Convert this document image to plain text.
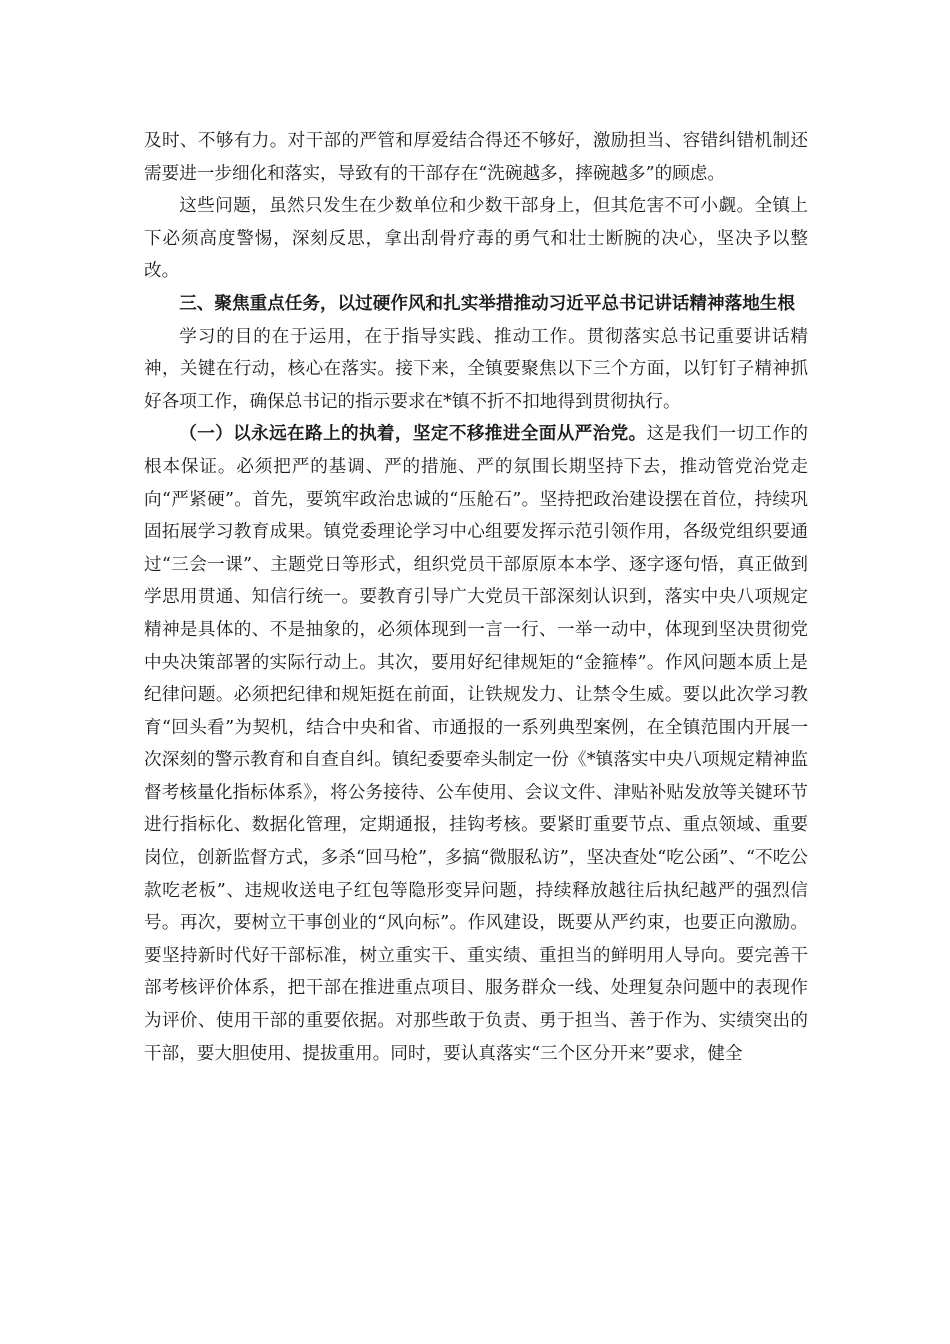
及时、不够有力。对干部的严管和厚爱结合得还不够好，激励担当、容错纠错机制还需要进一步细化和落实，导致有的干部存在“洗碗越多，摔碗越多”的顾虑。

这些问题，虽然只发生在少数单位和少数干部身上，但其危害不可小觑。全镇上下必须高度警惕，深刻反思，拿出刮骨疗毒的勇气和壮士断腕的决心，坚决予以整改。

三、聚焦重点任务，以过硬作风和扎实举措推动习近平总书记讲话精神落地生根

学习的目的在于运用，在于指导实践、推动工作。贯彻落实总书记重要讲话精神，关键在行动，核心在落实。接下来，全镇要聚焦以下三个方面，以钉钉子精神抓好各项工作，确保总书记的指示要求在*镇不折不扣地得到贯彻执行。

（一）以永远在路上的执着，坚定不移推进全面从严治党。这是我们一切工作的根本保证。必须把严的基调、严的措施、严的氛围长期坚持下去，推动管党治党走向“严紧硬”。首先，要筑牢政治忠诚的“压舱石”。坚持把政治建设摆在首位，持续巩固拓展学习教育成果。镇党委理论学习中心组要发挥示范引领作用，各级党组织要通过“三会一课”、主题党日等形式，组织党员干部原原本本学、逐字逐句悟，真正做到学思用贯通、知信行统一。要教育引导广大党员干部深刻认识到，落实中央八项规定精神是具体的、不是抽象的，必须体现到一言一行、一举一动中，体现到坚决贯彻党中央决策部署的实际行动上。其次，要用好纪律规矩的“金箍棒”。作风问题本质上是纪律问题。必须把纪律和规矩挺在前面，让铁规发力、让禁令生威。要以此次学习教育“回头看”为契机，结合中央和省、市通报的一系列典型案例，在全镇范围内开展一次深刻的警示教育和自查自纠。镇纪委要牵头制定一份《*镇落实中央八项规定精神监督考核量化指标体系》，将公务接待、公车使用、会议文件、津贴补贴发放等关键环节进行指标化、数据化管理，定期通报，挂钩考核。要紧盯重要节点、重点领域、重要岗位，创新监督方式，多杀“回马枪”，多搞“微服私访”，坚决查处“吃公函”、“不吃公款吃老板”、违规收送电子红包等隐形变异问题，持续释放越往后执纪越严的强烈信号。再次，要树立干事创业的“风向标”。作风建设，既要从严约束，也要正向激励。要坚持新时代好干部标准，树立重实干、重实绩、重担当的鲜明用人导向。要完善干部考核评价体系，把干部在推进重点项目、服务群众一线、处理复杂问题中的表现作为评价、使用干部的重要依据。对那些敢于负责、勇于担当、善于作为、实绩突出的干部，要大胆使用、提拔重用。同时，要认真落实“三个区分开来”要求，健全
